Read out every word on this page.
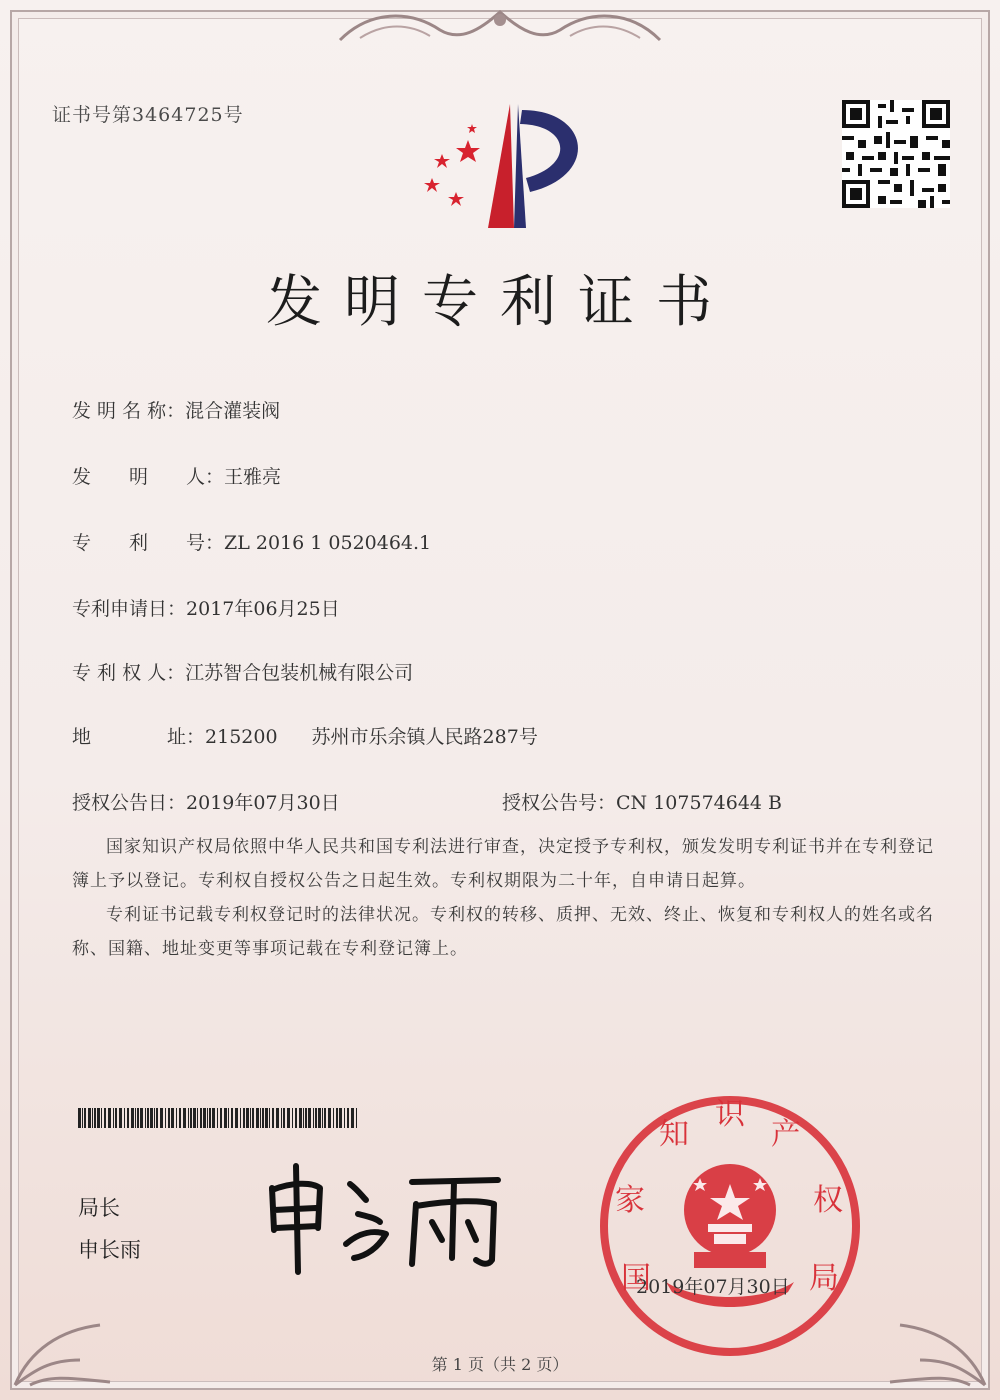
证书号第3464725号
发明专利证书
发 明 名 称：混合灌装阀
发　　明　　人：王雅亮
专　　利　　号：ZL 2016 1 0520464.1
专利申请日：2017年06月25日
专 利 权 人：江苏智合包装机械有限公司
地　　　　址：215200 苏州市乐余镇人民路287号
授权公告日：2019年07月30日	授权公告号：CN 107574644 B

国家知识产权局依照中华人民共和国专利法进行审查，决定授予专利权，颁发发明专利证书并在专利登记簿上予以登记。专利权自授权公告之日起生效。专利权期限为二十年，自申请日起算。

专利证书记载专利权登记时的法律状况。专利权的转移、质押、无效、终止、恢复和专利权人的姓名或名称、国籍、地址变更等事项记载在专利登记簿上。

局长
申长雨
国
家
知
识
产
权
局
2019年07月30日
第 1 页（共 2 页）
